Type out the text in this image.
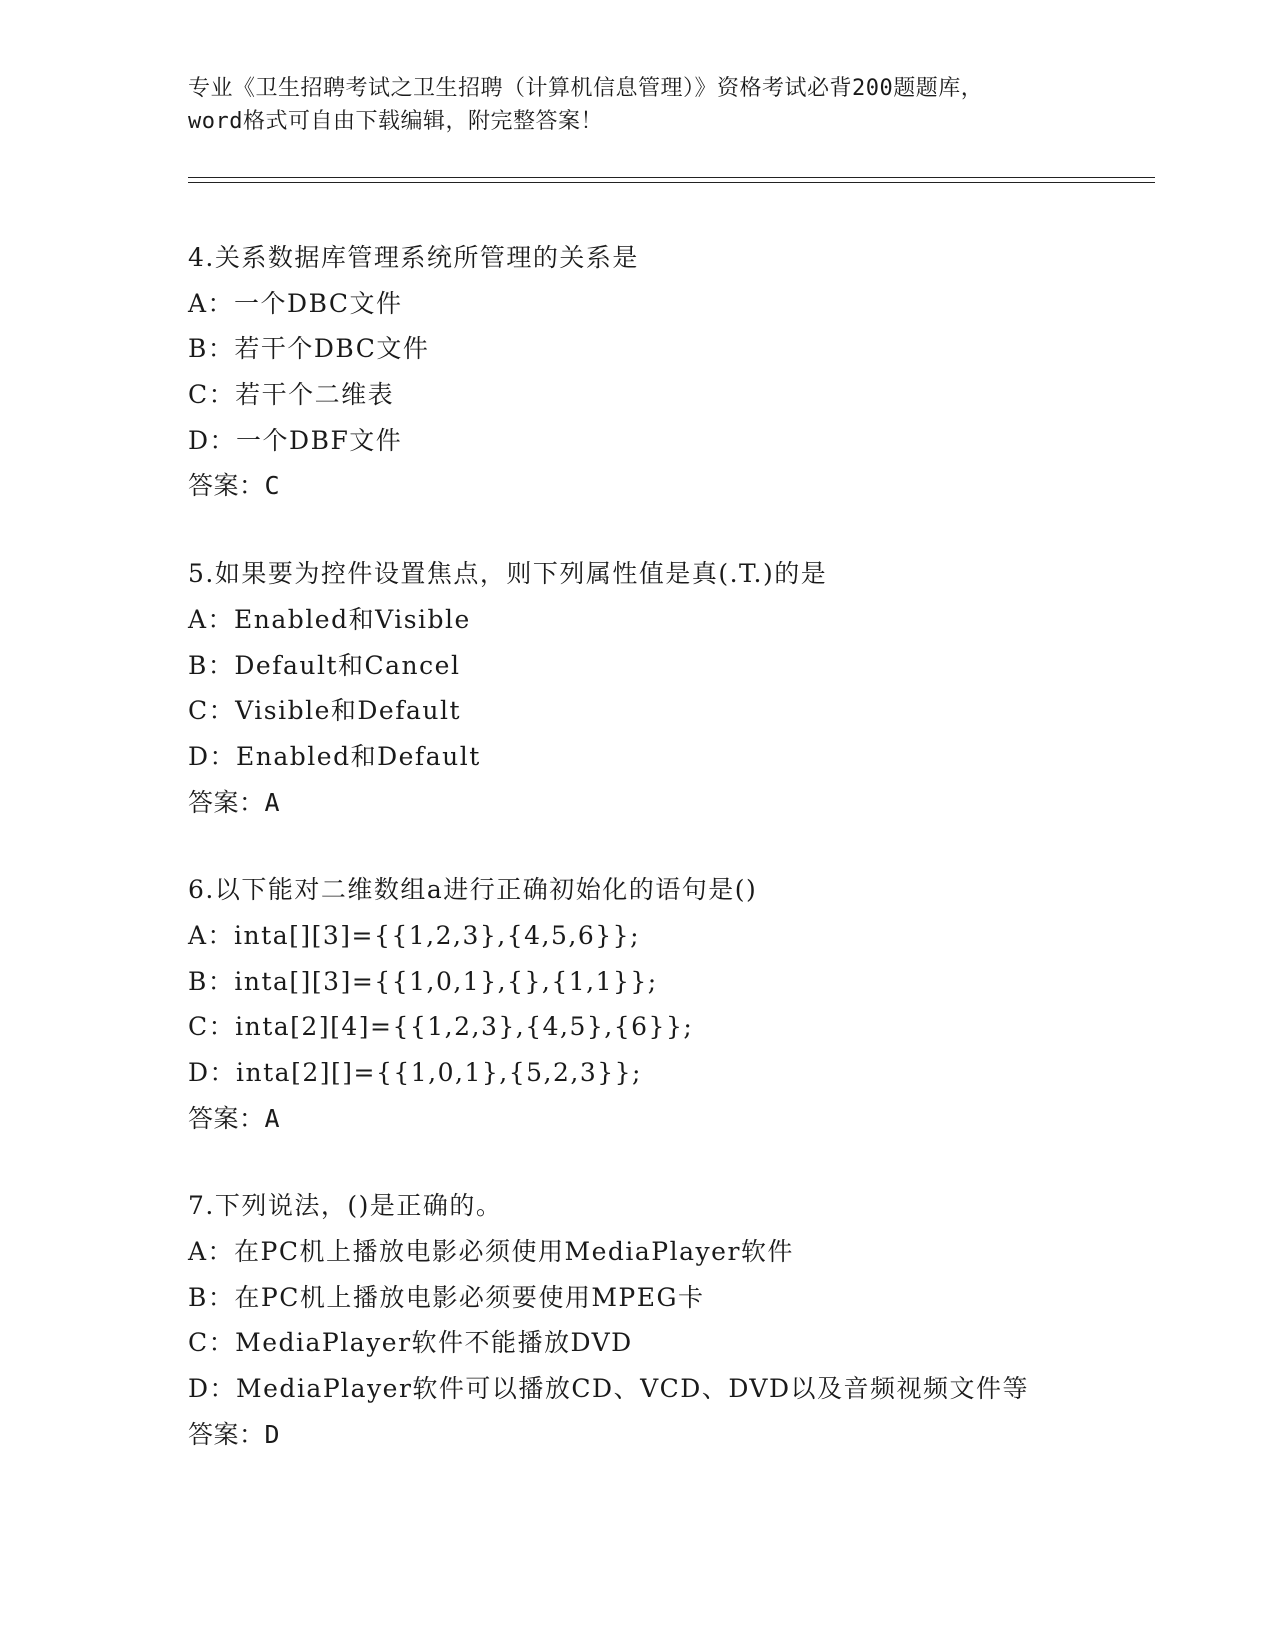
专业《卫生招聘考试之卫生招聘（计算机信息管理）》资格考试必背200题题库，
word格式可自由下载编辑，附完整答案！
4.关系数据库管理系统所管理的关系是
A：一个DBC文件
B：若干个DBC文件
C：若干个二维表
D：一个DBF文件
答案：C
5.如果要为控件设置焦点，则下列属性值是真(.T.)的是
A：Enabled和Visible
B：Default和Cancel
C：Visible和Default
D：Enabled和Default
答案：A
6.以下能对二维数组a进行正确初始化的语句是()
A：inta[][3]={{1,2,3},{4,5,6}};
B：inta[][3]={{1,0,1},{},{1,1}};
C：inta[2][4]={{1,2,3},{4,5},{6}};
D：inta[2][]={{1,0,1},{5,2,3}};
答案：A
7.下列说法，()是正确的。
A：在PC机上播放电影必须使用MediaPlayer软件
B：在PC机上播放电影必须要使用MPEG卡
C：MediaPlayer软件不能播放DVD
D：MediaPlayer软件可以播放CD、VCD、DVD以及音频视频文件等
答案：D
